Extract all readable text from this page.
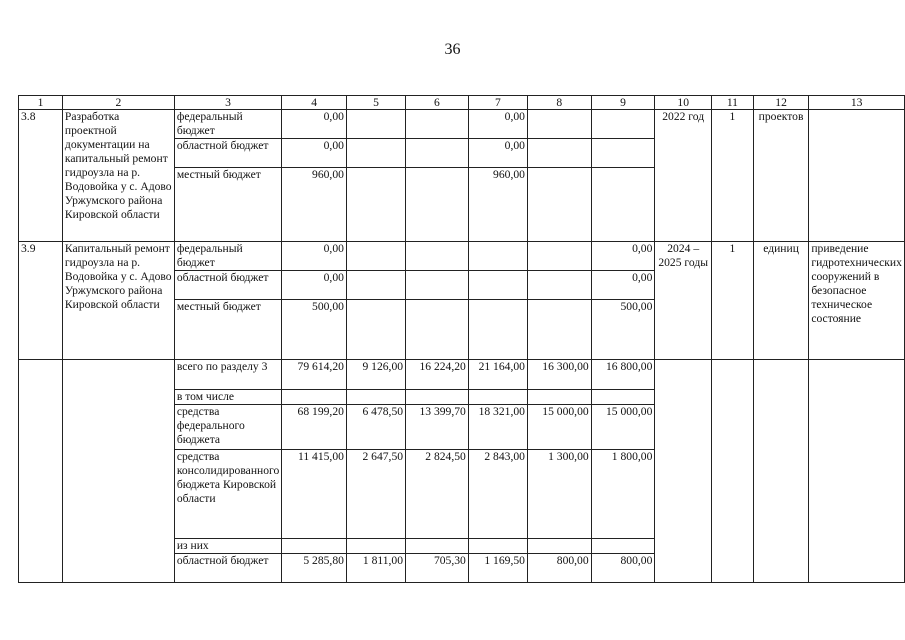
36
1	2	3	4	5	6	7	8	9	10	11	12	13
3.8	Разработка проектной документации на капитальный ремонт гидроузла на р. Водовойка у с. Адово Уржумского района Кировской области	федеральный бюджет	0,00			0,00			2022 год	1	проектов	
		областной бюджет	0,00			0,00						
		местный бюджет	960,00			960,00						
3.9	Капитальный ремонт гидроузла на р. Водовойка у с. Адово Уржумского района Кировской области	федеральный бюджет	0,00					0,00	2024 – 2025 годы	1	единиц	приведение гидротехнических сооружений в безопасное техническое состояние
		областной бюджет	0,00					0,00				
		местный бюджет	500,00					500,00				
		всего по разделу 3	79 614,20	9 126,00	16 224,20	21 164,00	16 300,00	16 800,00				
		в том числе										
		средства федерального бюджета	68 199,20	6 478,50	13 399,70	18 321,00	15 000,00	15 000,00				
		средства консолидированного бюджета Кировской области	11 415,00	2 647,50	2 824,50	2 843,00	1 300,00	1 800,00				
		из них										
		областной бюджет	5 285,80	1 811,00	705,30	1 169,50	800,00	800,00				
